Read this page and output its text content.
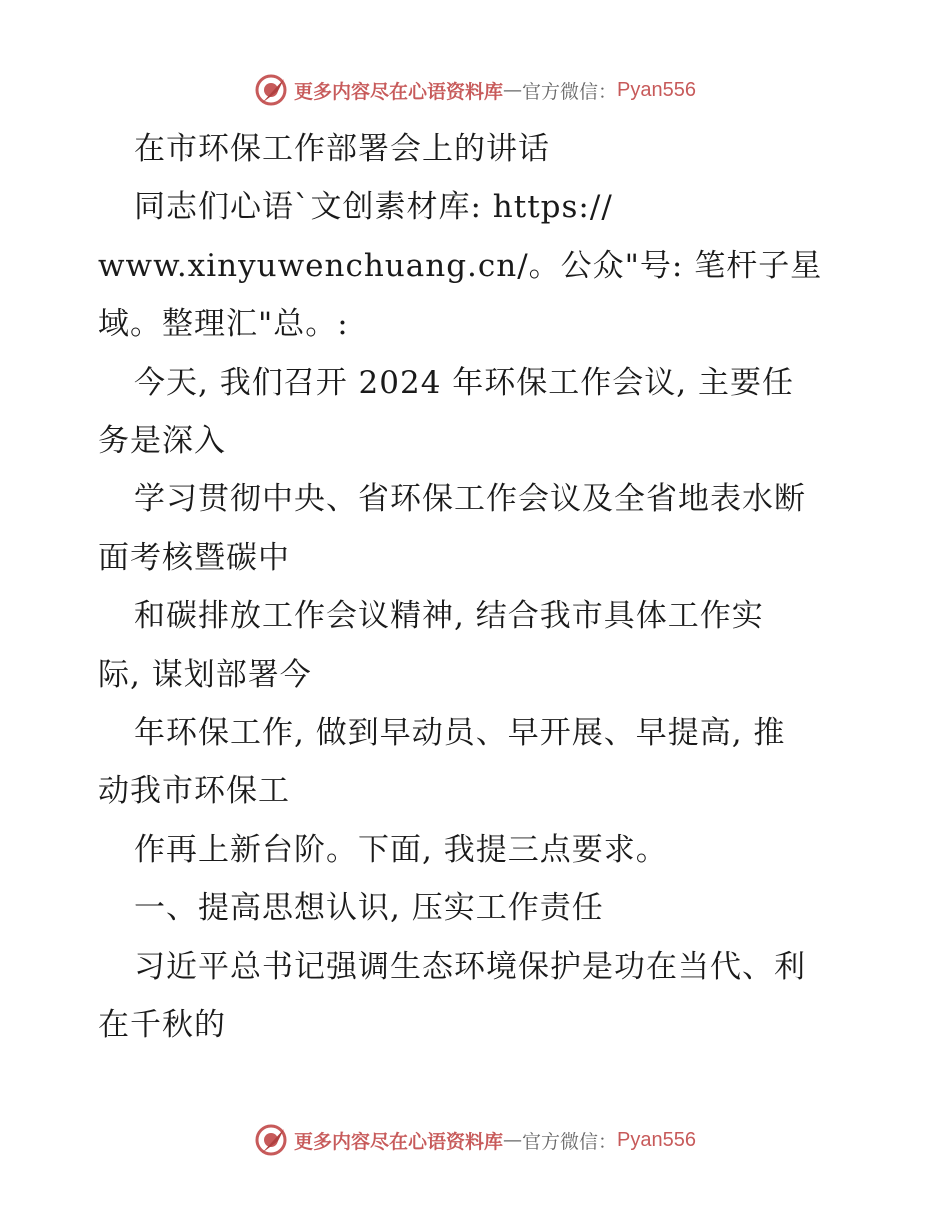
更多内容尽在心语资料库 — 官方微信： Pyan556

在市环保工作部署会上的讲话

同志们心语`文创素材库: https://

www.xinyuwenchuang.cn/。公众"号: 笔杆子星

域。整理汇"总。:

今天, 我们召开 2024 年环保工作会议, 主要任

务是深入

学习贯彻中央、省环保工作会议及全省地表水断

面考核暨碳中

和碳排放工作会议精神, 结合我市具体工作实

际, 谋划部署今

年环保工作, 做到早动员、早开展、早提高, 推

动我市环保工

作再上新台阶。下面, 我提三点要求。

一、提高思想认识, 压实工作责任

习近平总书记强调生态环境保护是功在当代、利

在千秋的

更多内容尽在心语资料库 — 官方微信： Pyan556
